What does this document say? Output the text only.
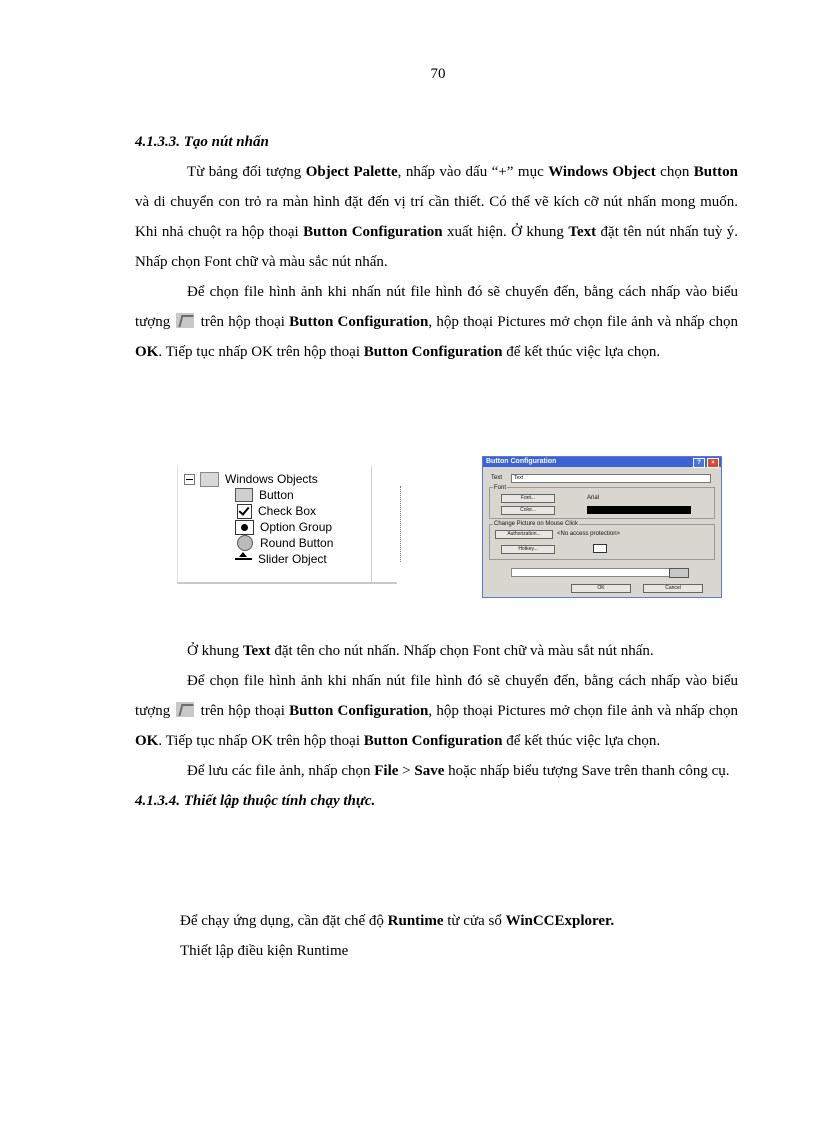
70

4.1.3.3. Tạo nút nhấn

Từ bảng đối tượng Object Palette, nhấp vào dấu “+” mục Windows Object chọn Button và di chuyển con trỏ ra màn hình đặt đến vị trí cần thiết. Có thể vẽ kích cỡ nút nhấn mong muốn. Khi nhả chuột ra hộp thoại Button Configuration xuất hiện. Ở khung Text đặt tên nút nhấn tuỳ ý. Nhấp chọn Font chữ và màu sắc nút nhấn.

Để chọn file hình ảnh khi nhấn nút file hình đó sẽ chuyển đến, bằng cách nhấp vào biểu tượng  trên hộp thoại Button Configuration, hộp thoại Pictures mở chọn file ảnh và nhấp chọn OK. Tiếp tục nhấp OK trên hộp thoại Button Configuration để kết thúc việc lựa chọn.

Windows Objects
Button
Check Box
Option Group
Round Button
Slider Object
Button Configuration	?	×
Text	Text
Font
Font...	Arial
Color...
Change Picture on Mouse Click
Authorization...	<No access protection>
Hotkey...
OK	Cancel

Ở khung Text đặt tên cho nút nhấn. Nhấp chọn Font chữ và màu sắt nút nhấn.

Để chọn file hình ảnh khi nhấn nút file hình đó sẽ chuyển đến, bằng cách nhấp vào biểu tượng  trên hộp thoại Button Configuration, hộp thoại Pictures mở chọn file ảnh và nhấp chọn OK. Tiếp tục nhấp OK trên hộp thoại Button Configuration để kết thúc việc lựa chọn.

Để lưu các file ảnh, nhấp chọn File > Save hoặc nhấp biểu tượng Save trên thanh công cụ.

4.1.3.4. Thiết lập thuộc tính chạy thực.

Để chạy ứng dụng, cần đặt chế độ Runtime từ cửa sổ WinCCExplorer.
Thiết lập điều kiện Runtime
